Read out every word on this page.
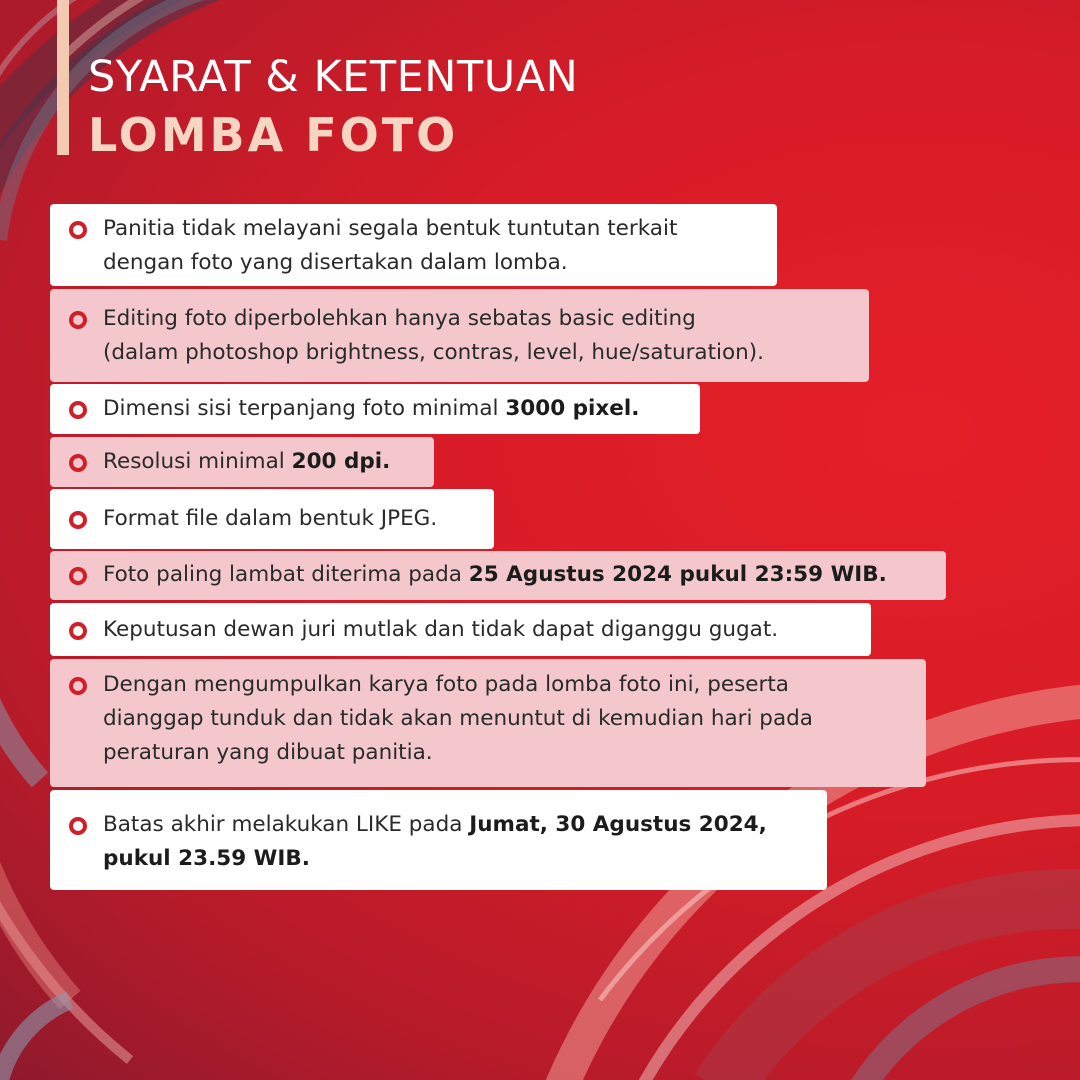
SYARAT & KETENTUAN
LOMBA FOTO
Panitia tidak melayani segala bentuk tuntutan terkait
dengan foto yang disertakan dalam lomba.
Editing foto diperbolehkan hanya sebatas basic editing
(dalam photoshop brightness, contras, level, hue/saturation).
Dimensi sisi terpanjang foto minimal 3000 pixel.
Resolusi minimal 200 dpi.
Format file dalam bentuk JPEG.
Foto paling lambat diterima pada 25 Agustus 2024 pukul 23:59 WIB.
Keputusan dewan juri mutlak dan tidak dapat diganggu gugat.
Dengan mengumpulkan karya foto pada lomba foto ini, peserta
dianggap tunduk dan tidak akan menuntut di kemudian hari pada
peraturan yang dibuat panitia.
Batas akhir melakukan LIKE pada Jumat, 30 Agustus 2024,
pukul 23.59 WIB.
